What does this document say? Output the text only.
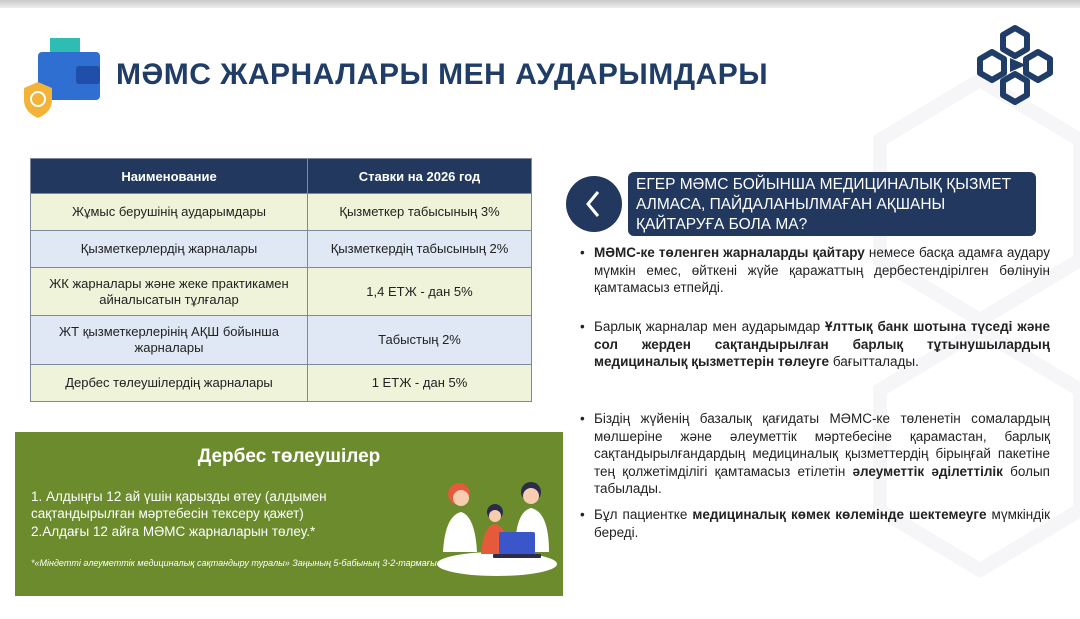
МӘМС ЖАРНАЛАРЫ МЕН АУДАРЫМДАРЫ
Наименование	Ставки на 2026 год
Жұмыс берушінің аударымдары	Қызметкер табысының 3%
Қызметкерлердің жарналары	Қызметкердің табысының 2%
ЖК жарналары және жеке практикамен айналысатын тұлғалар	1,4 ЕТЖ - дан 5%
ЖТ қызметкерлерінің АҚШ бойынша жарналары	Табыстың 2%
Дербес төлеушілердің жарналары	1 ЕТЖ - дан 5%
Дербес төлеушілер
1. Алдыңғы 12 ай үшін қарызды өтеу (алдымен сақтандырылған мәртебесін тексеру қажет)
2.Алдағы 12 айға МӘМС жарналарын төлеу.*
*«Міндетті әлеуметтік медициналық сақтандыру туралы» Заңының 5-бабының 3-2-тармағы
ЕГЕР МӘМС БОЙЫНША МЕДИЦИНАЛЫҚ ҚЫЗМЕТ АЛМАСА, ПАЙДАЛАНЫЛМАҒАН АҚШАНЫ ҚАЙТАРУҒА БОЛА МА?
• МӘМС-ке төленген жарналарды қайтару немесе басқа адамға аудару мүмкін емес, өйткені жүйе қаражаттың дербестендірілген бөлінуін қамтамасыз етпейді.
• Барлық жарналар мен аударымдар Ұлттық банк шотына түседі және сол жерден сақтандырылған барлық тұтынушылардың медициналық қызметтерін төлеуге бағытталады.
• Біздің жүйенің базалық қағидаты МӘМС-ке төленетін сомалардың мөлшеріне және әлеуметтік мәртебесіне қарамастан, барлық сақтандырылғандардың медициналық қызметтердің бірыңғай пакетіне тең қолжетімділігі қамтамасыз етілетін әлеуметтік әділеттілік болып табылады.
• Бұл пациентке медициналық көмек көлемінде шектемеуге мүмкіндік береді.
